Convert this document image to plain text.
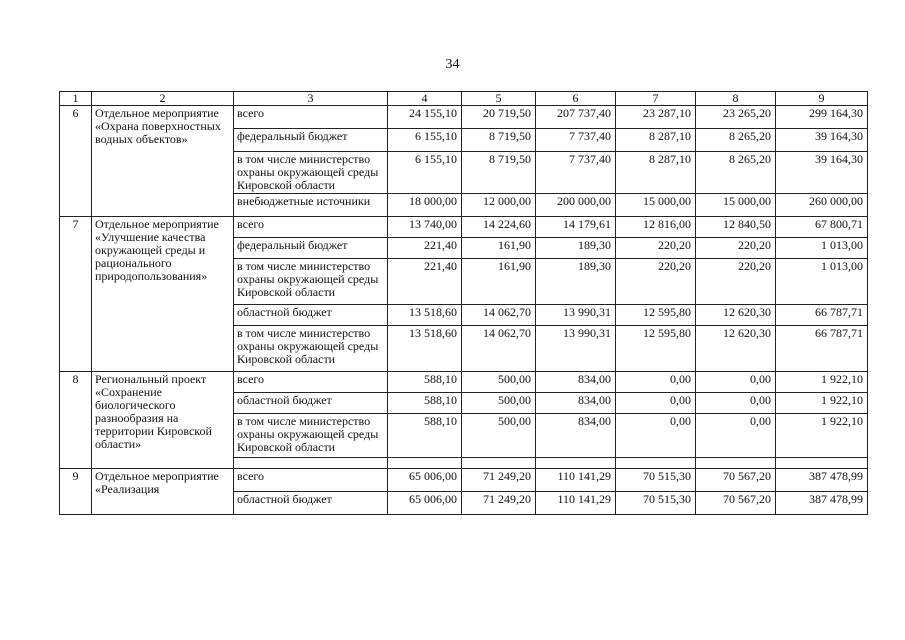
34
1	2	3	4	5	6	7	8	9
6	Отдельное мероприятие «Охрана поверхностных водных объектов»	всего	24 155,10	20 719,50	207 737,40	23 287,10	23 265,20	299 164,30
		федеральный бюджет	6 155,10	8 719,50	7 737,40	8 287,10	8 265,20	39 164,30
		в том числе министерство охраны окружающей среды Кировской области	6 155,10	8 719,50	7 737,40	8 287,10	8 265,20	39 164,30
		внебюджетные источники	18 000,00	12 000,00	200 000,00	15 000,00	15 000,00	260 000,00
7	Отдельное мероприятие «Улучшение качества окружающей среды и рационального природопользования»	всего	13 740,00	14 224,60	14 179,61	12 816,00	12 840,50	67 800,71
		федеральный бюджет	221,40	161,90	189,30	220,20	220,20	1 013,00
		в том числе министерство охраны окружающей среды Кировской области	221,40	161,90	189,30	220,20	220,20	1 013,00
		областной бюджет	13 518,60	14 062,70	13 990,31	12 595,80	12 620,30	66 787,71
		в том числе министерство охраны окружающей среды Кировской области	13 518,60	14 062,70	13 990,31	12 595,80	12 620,30	66 787,71
8	Региональный проект «Сохранение биологического разнообразия на территории Кировской области»	всего	588,10	500,00	834,00	0,00	0,00	1 922,10
		областной бюджет	588,10	500,00	834,00	0,00	0,00	1 922,10
		в том числе министерство охраны окружающей среды Кировской области	588,10	500,00	834,00	0,00	0,00	1 922,10

9	Отдельное мероприятие «Реализация	всего	65 006,00	71 249,20	110 141,29	70 515,30	70 567,20	387 478,99
		областной бюджет	65 006,00	71 249,20	110 141,29	70 515,30	70 567,20	387 478,99
